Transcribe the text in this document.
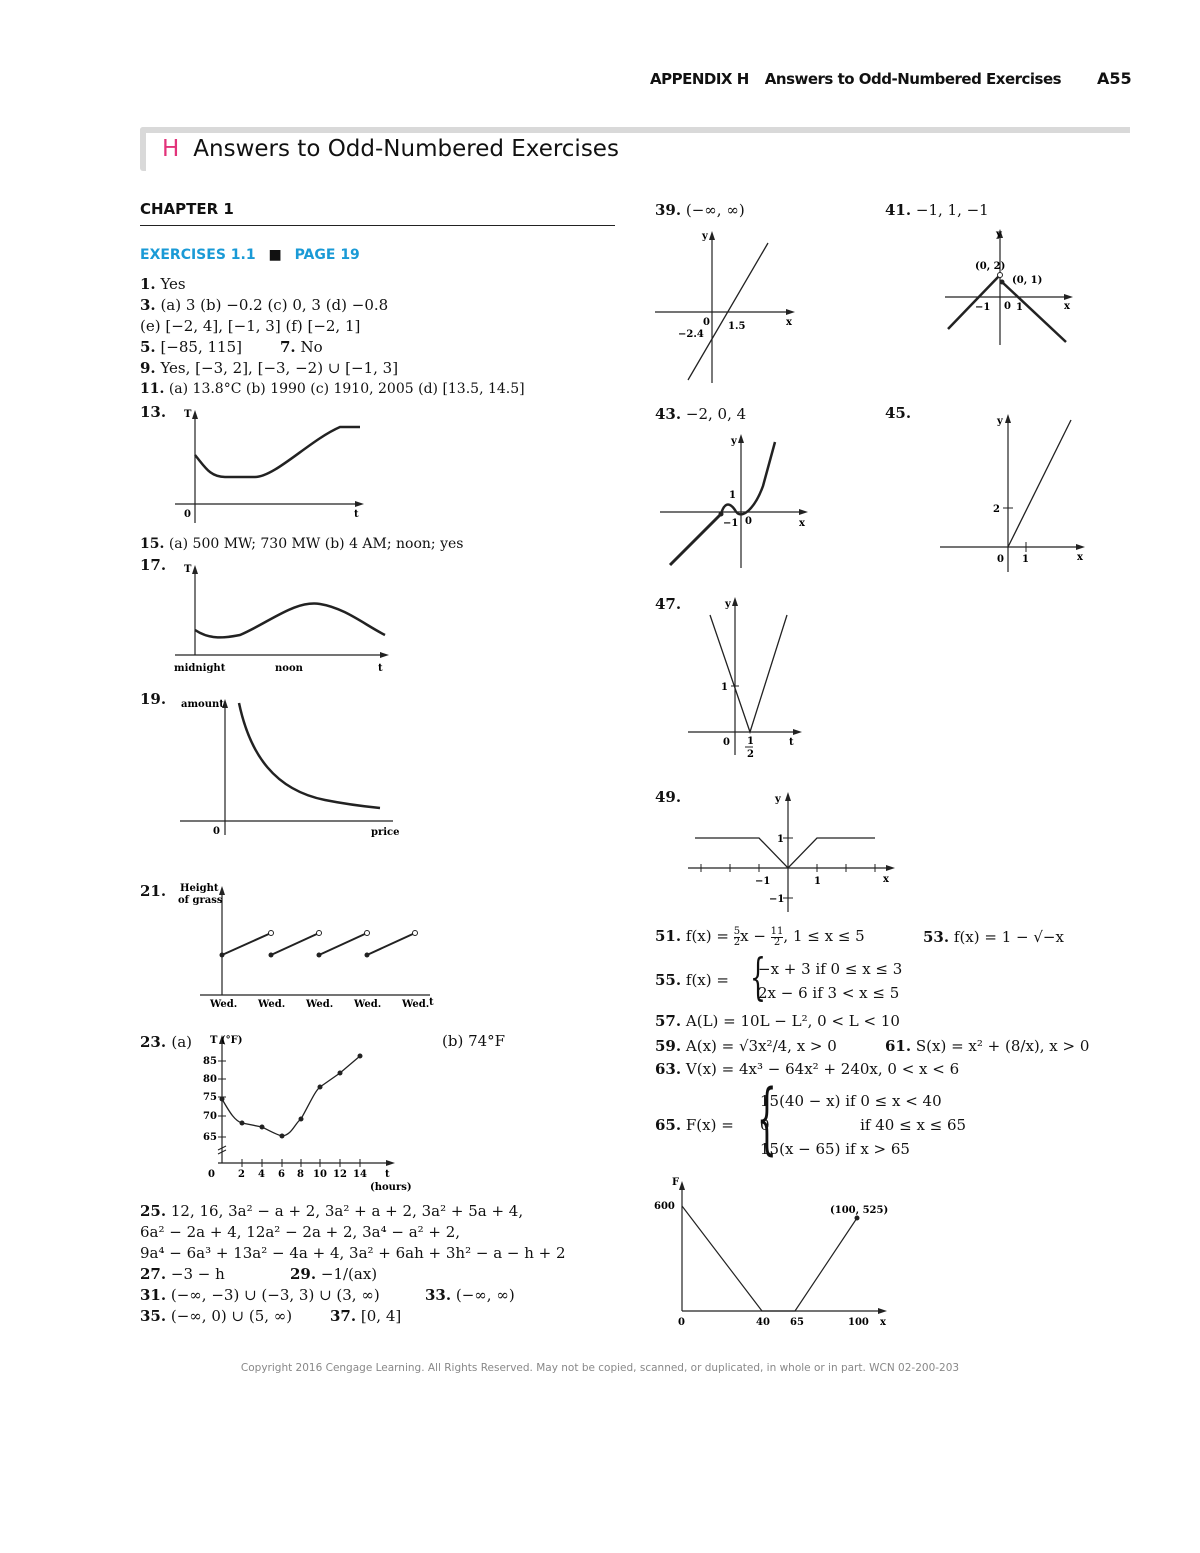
APPENDIX H Answers to Odd-Numbered Exercises A55
H Answers to Odd-Numbered Exercises
CHAPTER 1
EXERCISES 1.1 ■ PAGE 19
1. Yes
3. (a) 3 (b) −0.2 (c) 0, 3 (d) −0.8
(e) [−2, 4], [−1, 3] (f) [−2, 1]
5. [−85, 115]	7. No
9. Yes, [−3, 2], [−3, −2) ∪ [−1, 3]
11. (a) 13.8°C (b) 1990 (c) 1910, 2005 (d) [13.5, 14.5]
13. T
0	t
15. (a) 500 MW; 730 MW (b) 4 AM; noon; yes
17. T
midnight	noon	t
19. amount
0	price
21. Height
of grass
Wed. Wed. Wed. Wed. Wed. t
23. (a)	(b) 74°F
T (°F)
85
80
75
70
65
0 2 4 6 8 10 12 14 t
(hours)
25. 12, 16, 3a² − a + 2, 3a² + a + 2, 3a² + 5a + 4,
6a² − 2a + 4, 12a² − 2a + 2, 3a⁴ − a² + 2,
9a⁴ − 6a³ + 13a² − 4a + 4, 3a² + 6ah + 3h² − a − h + 2
27. −3 − h	29. −1/(ax)
31. (−∞, −3) ∪ (−3, 3) ∪ (3, ∞)	33. (−∞, ∞)
35. (−∞, 0) ∪ (5, ∞)	37. [0, 4]
39. (−∞, ∞)
y
0 1.5
−2.4
x
41. −1, 1, −1
y
(0, 2)
(0, 1)
−1 0 1	x
43. −2, 0, 4
y
1
−1 0	x
45.	y
2
0 1	x
47.	y
1
0 1
2
t
49.	y
1
−1	1
−1
x
51. $f(x) = \frac{5}{2}$ $x - \frac{11}{2}$ , 1 ≤ x ≤ 5	53. f(x) = 1 − √−x
55. f(x) = {
−x + 3 if 0 ≤ x ≤ 3
2x − 6 if 3 < x ≤ 5
57. A(L) = 10L − L², 0 < L < 10
59. A(x) = √3x²/4, x > 0	61. S(x) = x² + (8/x), x > 0
63. V(x) = 4x³ − 64x² + 240x, 0 < x < 6
65. F(x) = {
15(40 − x) if 0 ≤ x < 40
0                   if 40 ≤ x ≤ 65
15(x − 65) if x > 65
F
600
0	40 65	100 x
(100, 525)
Copyright 2016 Cengage Learning. All Rights Reserved. May not be copied, scanned, or duplicated, in whole or in part. WCN 02-200-203
